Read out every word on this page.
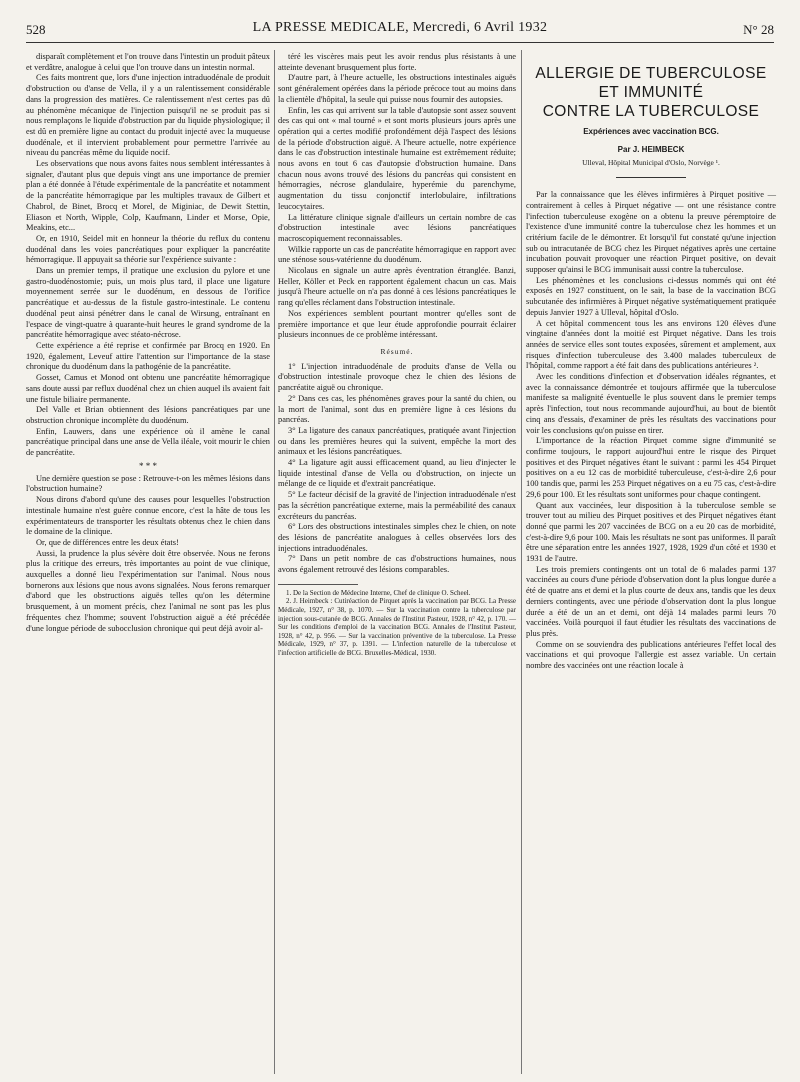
528	LA PRESSE MEDICALE, Mercredi, 6 Avril 1932	N° 28

disparaît complètement et l'on trouve dans l'intestin un produit pâteux et verdâtre, analogue à celui que l'on trouve dans un intestin normal.

Ces faits montrent que, lors d'une injection intraduodénale de produit d'obstruction ou d'anse de Vella, il y a un ralentissement considérable dans la progression des matières. Ce ralentissement n'est certes pas dû au phénomène mécanique de l'injection puisqu'il ne se produit pas si nous remplaçons le liquide d'obstruction par du liquide physiologique; il est dû en première ligne au contact du produit injecté avec la muqueuse duodénale, et il intervient probablement pour permettre l'arrivée au niveau du pancréas même du liquide nocif.

Les observations que nous avons faites nous semblent intéressantes à signaler, d'autant plus que depuis vingt ans une importance de premier plan a été donnée à l'étude expérimentale de la pancréatite et notamment de la pancréatite hémorragique par les multiples travaux de Gilbert et Chabrol, de Binet, Brocq et Morel, de Miginiac, de Dewit Stettin, Eliason et North, Wipple, Colp, Kaufmann, Linder et Morse, Opie, Meakins, etc...

Or, en 1910, Seidel mit en honneur la théorie du reflux du contenu duodénal dans les voies pancréatiques pour expliquer la pancréatite hémorragique. Il appuyait sa théorie sur l'expérience suivante :

Dans un premier temps, il pratique une exclusion du pylore et une gastro-duodénostomie; puis, un mois plus tard, il place une ligature moyennement serrée sur le duodénum, en dessous de l'orifice pancréatique et au-dessus de la fistule gastro-intestinale. Le contenu duodénal peut ainsi pénétrer dans le canal de Wirsung, entraînant en l'espace de vingt-quatre à quarante-huit heures le grand syndrome de la pancréatite hémorragique avec stéato-nécrose.

Cette expérience a été reprise et confirmée par Brocq en 1920. En 1920, également, Leveuf attire l'attention sur l'importance de la stase chronique du duodénum dans la pathogénie de la pancréatite.

Gosset, Camus et Monod ont obtenu une pancréatite hémorragique sans doute aussi par reflux duodénal chez un chien auquel ils avaient fait une fistule biliaire permanente.

Del Valle et Brian obtiennent des lésions pancréatiques par une obstruction chronique incomplète du duodénum.

Enfin, Lauwers, dans une expérience où il amène le canal pancréatique principal dans une anse de Vella iléale, voit mourir le chien de pancréatite.

* * *

Une dernière question se pose : Retrouve-t-on les mêmes lésions dans l'obstruction humaine?

Nous dirons d'abord qu'une des causes pour lesquelles l'obstruction intestinale humaine n'est guère connue encore, c'est la hâte de tous les expérimentateurs de transporter les résultats obtenus chez le chien dans le domaine de la clinique.

Or, que de différences entre les deux états!

Aussi, la prudence la plus sévère doit être observée. Nous ne ferons plus la critique des erreurs, très importantes au point de vue clinique, auxquelles a donné lieu l'expérimentation sur l'animal. Nous nous bornerons aux lésions que nous avons signalées. Nous ferons remarquer d'abord que les obstructions aiguës telles qu'on les détermine brusquement, à un moment précis, chez l'animal ne sont pas les plus fréquentes chez l'homme; souvent l'obstruction aiguë a été précédée d'une longue période de subocclusion chronique qui peut déjà avoir al-

téré les viscères mais peut les avoir rendus plus résistants à une atteinte devenant brusquement plus forte.

D'autre part, à l'heure actuelle, les obstructions intestinales aiguës sont généralement opérées dans la période précoce tout au moins dans la clientèle d'hôpital, la seule qui puisse nous fournir des autopsies.

Enfin, les cas qui arrivent sur la table d'autopsie sont assez souvent des cas qui ont « mal tourné » et sont morts plusieurs jours après une opération qui a certes modifié profondément déjà l'aspect des lésions de la période d'obstruction aiguë. A l'heure actuelle, notre expérience dans le cas d'obstruction intestinale humaine est extrêmement réduite; nous avons en tout 6 cas d'autopsie d'obstruction humaine. Dans chacun nous avons trouvé des lésions du pancréas qui consistent en hémorragies, nécrose glandulaire, hyperémie du parenchyme, augmentation du tissu conjonctif interlobulaire, infiltrations leucocytaires.

La littérature clinique signale d'ailleurs un certain nombre de cas d'obstruction intestinale avec lésions pancréatiques macroscopiquement reconnaissables.

Wilkie rapporte un cas de pancréatite hémorragique en rapport avec une sténose sous-vatérienne du duodénum.

Nicolaus en signale un autre après éventration étranglée. Banzi, Heller, Köller et Peck en rapportent également chacun un cas. Mais jusqu'à l'heure actuelle on n'a pas donné à ces lésions pancréatiques le rang qu'elles réclament dans l'obstruction intestinale.

Nos expériences semblent pourtant montrer qu'elles sont de première importance et que leur étude approfondie pourrait éclairer plusieurs inconnues de ce problème intéressant.

Résumé.

1° L'injection intraduodénale de produits d'anse de Vella ou d'obstruction intestinale provoque chez le chien des lésions de pancréatite aiguë ou chronique.

2° Dans ces cas, les phénomènes graves pour la santé du chien, ou la mort de l'animal, sont dus en première ligne à ces lésions du pancréas.

3° La ligature des canaux pancréatiques, pratiquée avant l'injection ou dans les premières heures qui la suivent, empêche la mort des animaux et les lésions pancréatiques.

4° La ligature agit aussi efficacement quand, au lieu d'injecter le liquide intestinal d'anse de Vella ou d'obstruction, on injecte un mélange de ce liquide et d'extrait pancréatique.

5° Le facteur décisif de la gravité de l'injection intraduodénale n'est pas la sécrétion pancréatique externe, mais la perméabilité des canaux excréteurs du pancréas.

6° Lors des obstructions intestinales simples chez le chien, on note des lésions de pancréatite analogues à celles observées lors des injections intraduodénales.

7° Dans un petit nombre de cas d'obstructions humaines, nous avons également retrouvé des lésions comparables.

1. De la Section de Médecine Interne, Chef de clinique O. Scheel.

2. J. Heimbeck : Cutiréaction de Pirquet après la vaccination par BCG. La Presse Médicale, 1927, n° 38, p. 1070. — Sur la vaccination contre la tuberculose par injection sous-cutanée de BCG. Annales de l'Institut Pasteur, 1928, n° 42, p. 170. — Sur les conditions d'emploi de la vaccination BCG. Annales de l'Institut Pasteur, 1928, n° 42, p. 956. — Sur la vaccination préventive de la tuberculose. La Presse Médicale, 1929, n° 37, p. 1391. — L'infection naturelle de la tuberculose et l'infection artificielle de BCG. Bruxelles-Médical, 1930.

ALLERGIE DE TUBERCULOSE
ET IMMUNITÉ
CONTRE LA TUBERCULOSE
Expériences avec vaccination BCG.
Par J. HEIMBECK
Ulleval, Hôpital Municipal d'Oslo, Norvège ¹.

Par la connaissance que les élèves infirmières à Pirquet positive — contrairement à celles à Pirquet négative — ont une résistance contre l'infection tuberculeuse exogène on a obtenu la preuve péremptoire de l'existence d'une immunité contre la tuberculose chez les hommes et un critérium facile de le démontrer. Et lorsqu'il fut constaté qu'une injection sub ou intracutanée de BCG chez les Pirquet négatives après une certaine incubation pouvait provoquer une réaction Pirquet positive, on devait supposer qu'ainsi le BCG immunisait aussi contre la tuberculose.

Les phénomènes et les conclusions ci-dessus nommés qui ont été exposés en 1927 constituent, on le sait, la base de la vaccination BCG subcutanée des infirmières à Pirquet négative systématiquement pratiquée depuis Janvier 1927 à Ulleval, hôpital d'Oslo.

A cet hôpital commencent tous les ans environs 120 élèves d'une vingtaine d'années dont la moitié est Pirquet négative. Dans les trois années de service elles sont toutes exposées, sûrement et amplement, aux risques d'infection tuberculeuse des 3.400 malades tuberculeux de l'hôpital, comme rapport a été fait dans des publications antérieures ².

Avec les conditions d'infection et d'observation idéales régnantes, et avec la connaissance démontrée et toujours affirmée que la tuberculose manifeste sa malignité éventuelle le plus souvent dans le premier temps après l'infection, tout nous recommande aujourd'hui, au bout de bientôt cinq ans d'essais, d'examiner de près les résultats des vaccinations pour voir les conclusions qu'on puisse en tirer.

L'importance de la réaction Pirquet comme signe d'immunité se confirme toujours, le rapport aujourd'hui entre le risque des Pirquet positives et des Pirquet négatives étant le suivant : parmi les 454 Pirquet positives on a eu 12 cas de morbidité tuberculeuse, c'est-à-dire 2,6 pour 100 tandis que, parmi les 253 Pirquet négatives on a eu 75 cas, c'est-à-dire 29,6 pour 100. Et les résultats sont uniformes pour chaque contingent.

Quant aux vaccinées, leur disposition à la tuberculose semble se trouver tout au milieu des Pirquet positives et des Pirquet négatives étant donné que parmi les 207 vaccinées de BCG on a eu 20 cas de morbidité, c'est-à-dire 9,6 pour 100. Mais les résultats ne sont pas uniformes. Il paraît être une séparation entre les années 1927, 1928, 1929 d'un côté et 1930 et 1931 de l'autre.

Les trois premiers contingents ont un total de 6 malades parmi 137 vaccinées au cours d'une période d'observation dont la plus longue durée a été de quatre ans et demi et la plus courte de deux ans, tandis que les deux derniers contingents, avec une période d'observation dont la plus longue durée a été de un an et demi, ont déjà 14 malades parmi leurs 70 vaccinées. Voilà pourquoi il faut étudier les résultats des vaccinations de plus près.

Comme on se souviendra des publications antérieures l'effet local des vaccinations et qui provoque l'allergie est assez variable. Un certain nombre des vaccinées ont une réaction locale à
